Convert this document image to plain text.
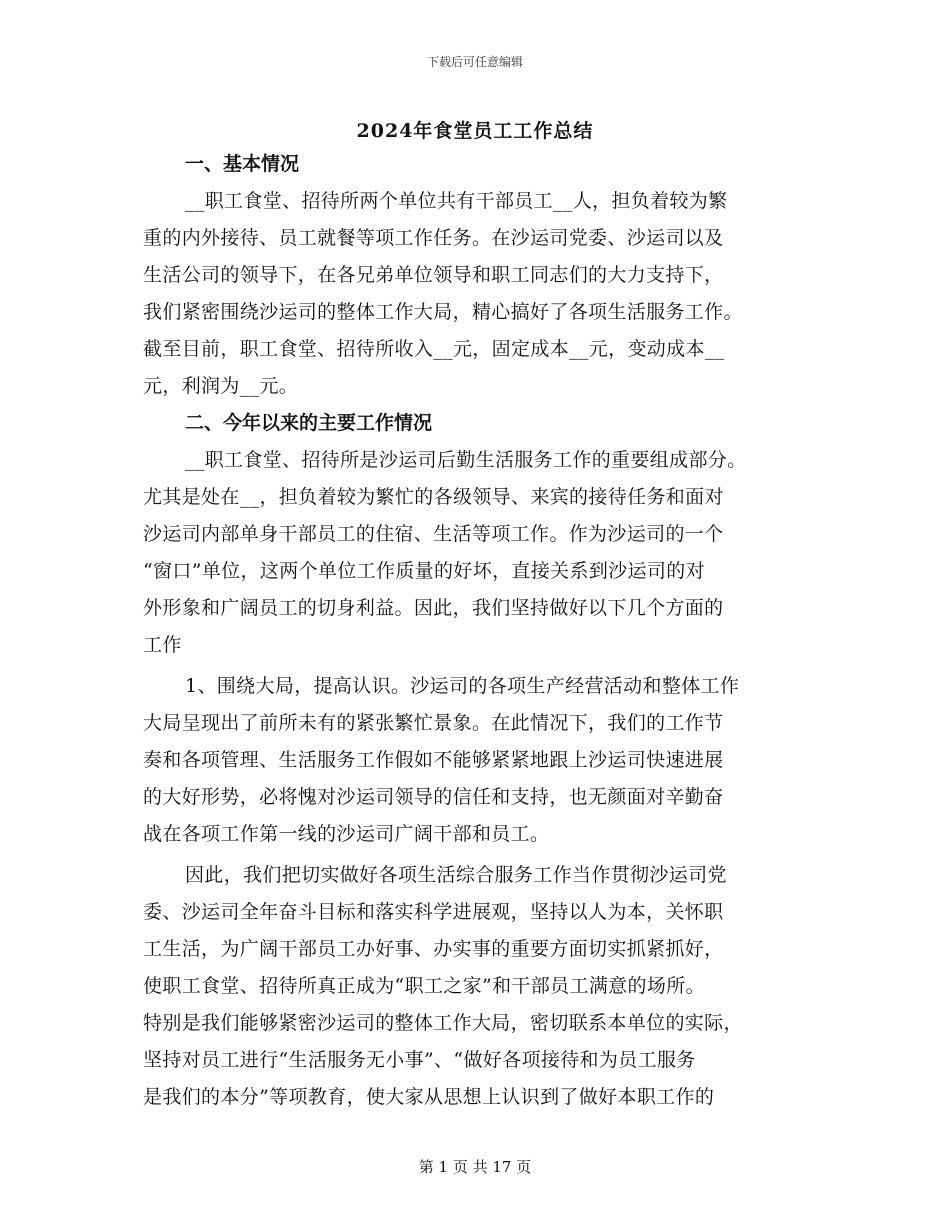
下载后可任意编辑
2024年食堂员工工作总结
一、基本情况
__职工食堂、招待所两个单位共有干部员工__人，担负着较为繁
重的内外接待、员工就餐等项工作任务。在沙运司党委、沙运司以及
生活公司的领导下，在各兄弟单位领导和职工同志们的大力支持下，
我们紧密围绕沙运司的整体工作大局，精心搞好了各项生活服务工作。
截至目前，职工食堂、招待所收入__元，固定成本__元，变动成本__
元，利润为__元。
二、今年以来的主要工作情况
__职工食堂、招待所是沙运司后勤生活服务工作的重要组成部分。
尤其是处在__，担负着较为繁忙的各级领导、来宾的接待任务和面对
沙运司内部单身干部员工的住宿、生活等项工作。作为沙运司的一个
“窗口”单位，这两个单位工作质量的好坏，直接关系到沙运司的对
外形象和广阔员工的切身利益。因此，我们坚持做好以下几个方面的
工作
1、围绕大局，提高认识。沙运司的各项生产经营活动和整体工作
大局呈现出了前所未有的紧张繁忙景象。在此情况下，我们的工作节
奏和各项管理、生活服务工作假如不能够紧紧地跟上沙运司快速进展
的大好形势，必将愧对沙运司领导的信任和支持，也无颜面对辛勤奋
战在各项工作第一线的沙运司广阔干部和员工。
因此，我们把切实做好各项生活综合服务工作当作贯彻沙运司党
委、沙运司全年奋斗目标和落实科学进展观，坚持以人为本，关怀职
工生活，为广阔干部员工办好事、办实事的重要方面切实抓紧抓好，
使职工食堂、招待所真正成为“职工之家”和干部员工满意的场所。
特别是我们能够紧密沙运司的整体工作大局，密切联系本单位的实际，
坚持对员工进行“生活服务无小事”、“做好各项接待和为员工服务
是我们的本分”等项教育，使大家从思想上认识到了做好本职工作的
第 1 页 共 17 页
